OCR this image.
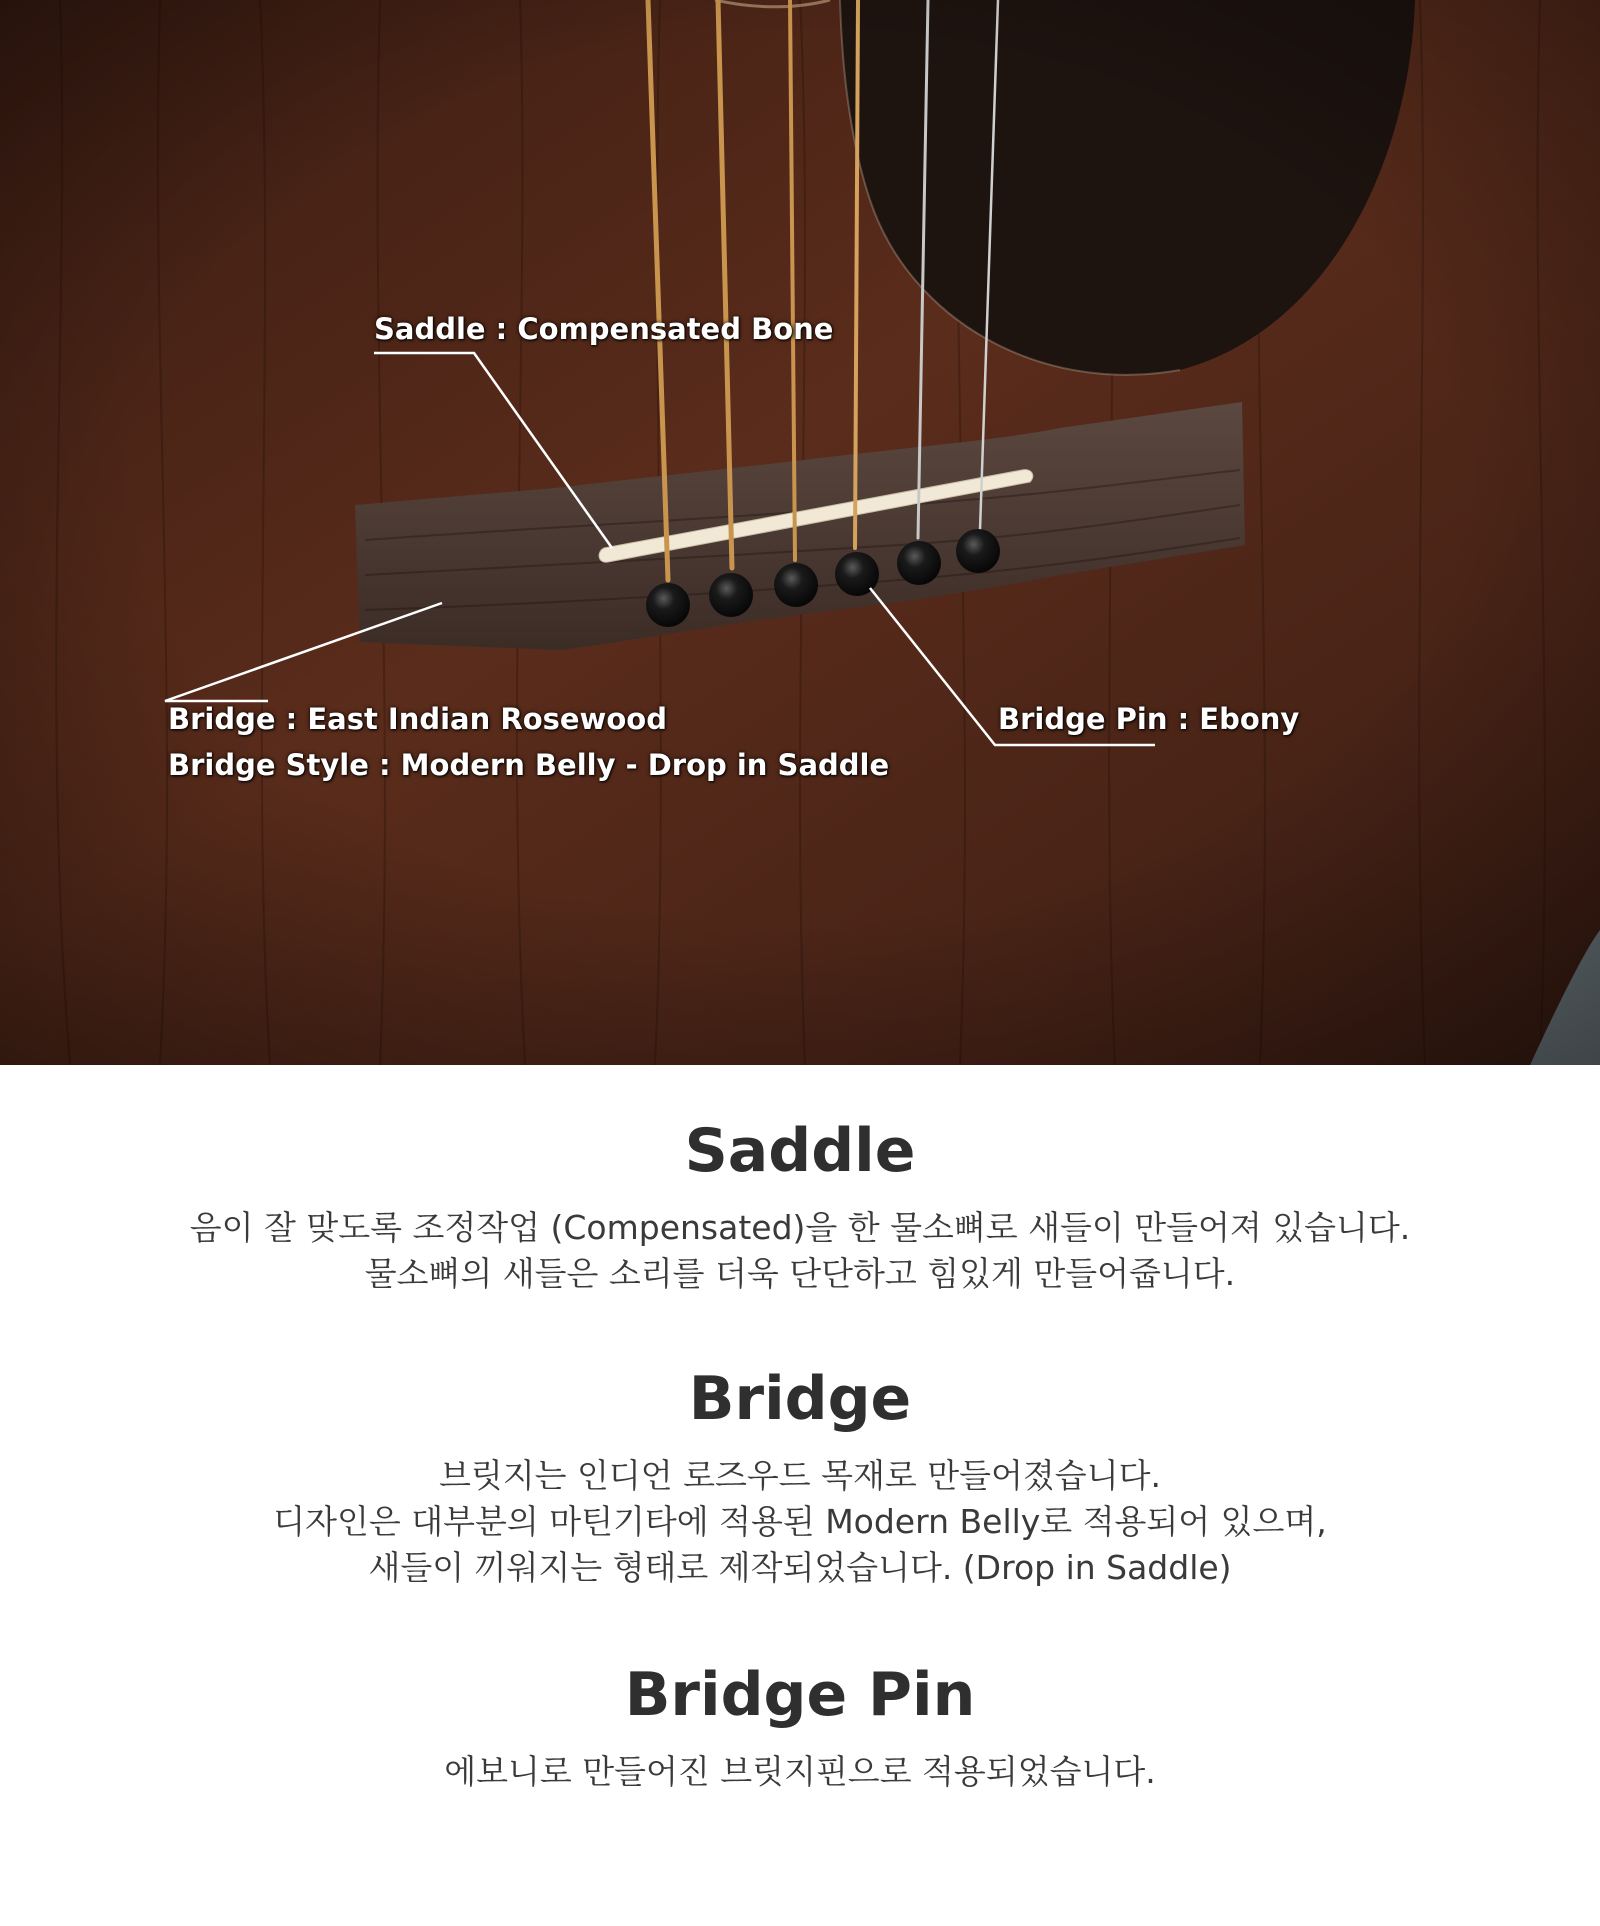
Saddle : Compensated Bone
Bridge : East Indian Rosewood
Bridge Style : Modern Belly - Drop in Saddle
Bridge Pin : Ebony
Saddle

음이 잘 맞도록 조정작업 (Compensated)을 한 물소뼈로 새들이 만들어져 있습니다.

물소뼈의 새들은 소리를 더욱 단단하고 힘있게 만들어줍니다.

Bridge

브릿지는 인디언 로즈우드 목재로 만들어졌습니다.

디자인은 대부분의 마틴기타에 적용된 Modern Belly로 적용되어 있으며,

새들이 끼워지는 형태로 제작되었습니다. (Drop in Saddle)

Bridge Pin

에보니로 만들어진 브릿지핀으로 적용되었습니다.
